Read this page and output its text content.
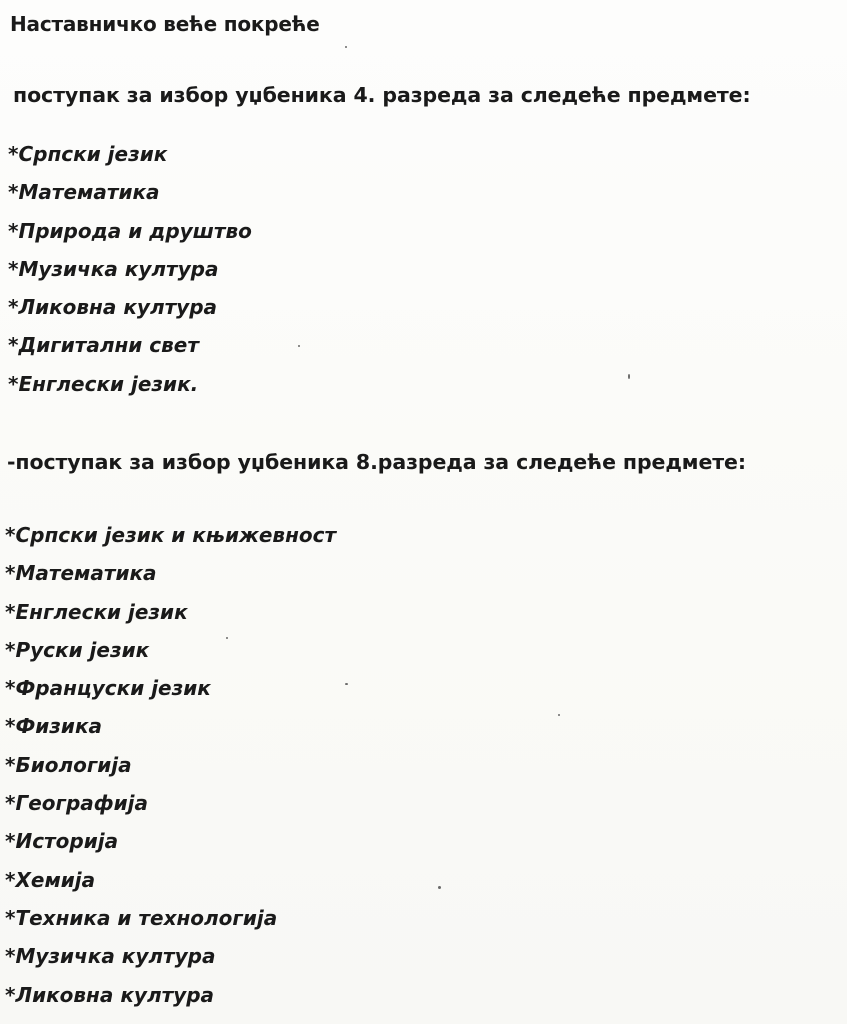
Наставничко веће покреће

поступак за избор уџбеника 4. разреда за следеће предмете:

*Српски језик
*Математика
*Природа и друштво
*Музичка култура
*Ликовна култура
*Дигитални свет
*Енглески језик.

-поступак за избор уџбеника 8.разреда за следеће предмете:

*Српски језик и књижевност
*Математика
*Енглески језик
*Руски језик
*Француски језик
*Физика
*Биологија
*Географија
*Историја
*Хемија
*Техника и технологија
*Музичка култура
*Ликовна култура
